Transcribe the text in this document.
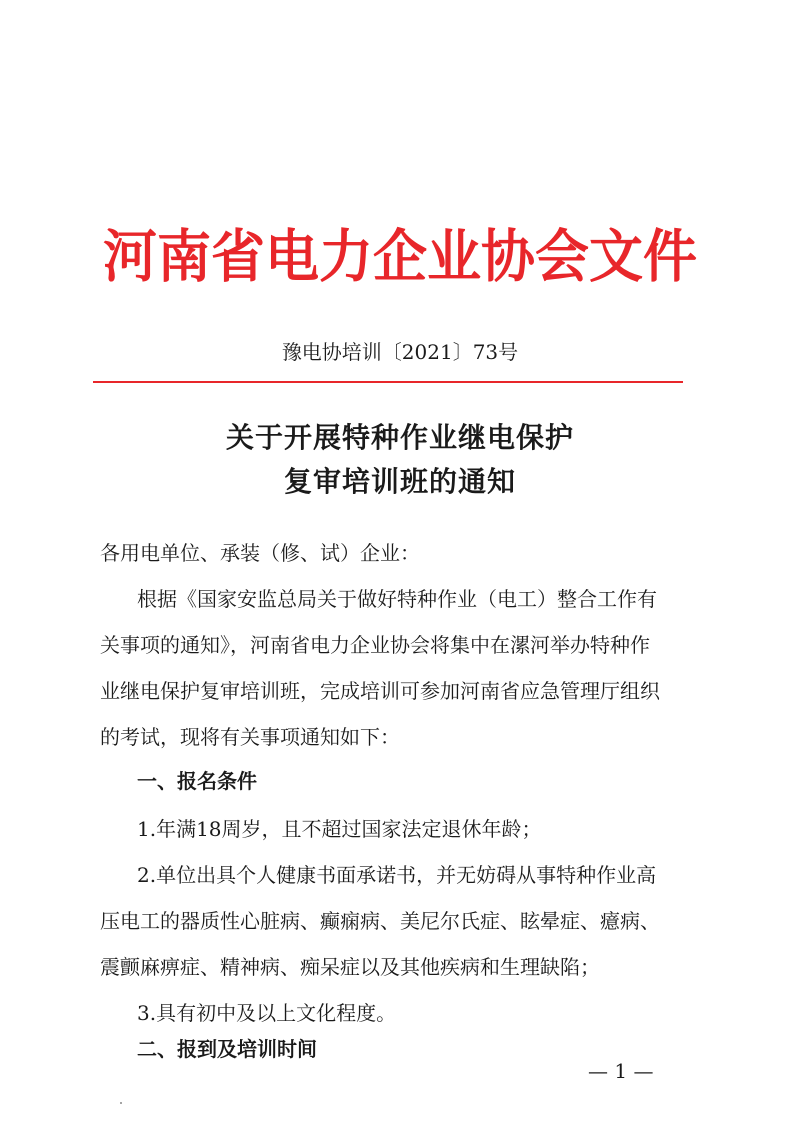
河南省电力企业协会文件
豫电协培训〔2021〕73号
关于开展特种作业继电保护
复审培训班的通知
各用电单位、承装（修、试）企业：
根据《国家安监总局关于做好特种作业（电工）整合工作有
关事项的通知》，河南省电力企业协会将集中在漯河举办特种作
业继电保护复审培训班，完成培训可参加河南省应急管理厅组织
的考试，现将有关事项通知如下：
一、报名条件
1.年满18周岁，且不超过国家法定退休年龄；
2.单位出具个人健康书面承诺书，并无妨碍从事特种作业高
压电工的器质性心脏病、癫痫病、美尼尔氏症、眩晕症、癔病、
震颤麻痹症、精神病、痴呆症以及其他疾病和生理缺陷；
3.具有初中及以上文化程度。
二、报到及培训时间
— 1 —
